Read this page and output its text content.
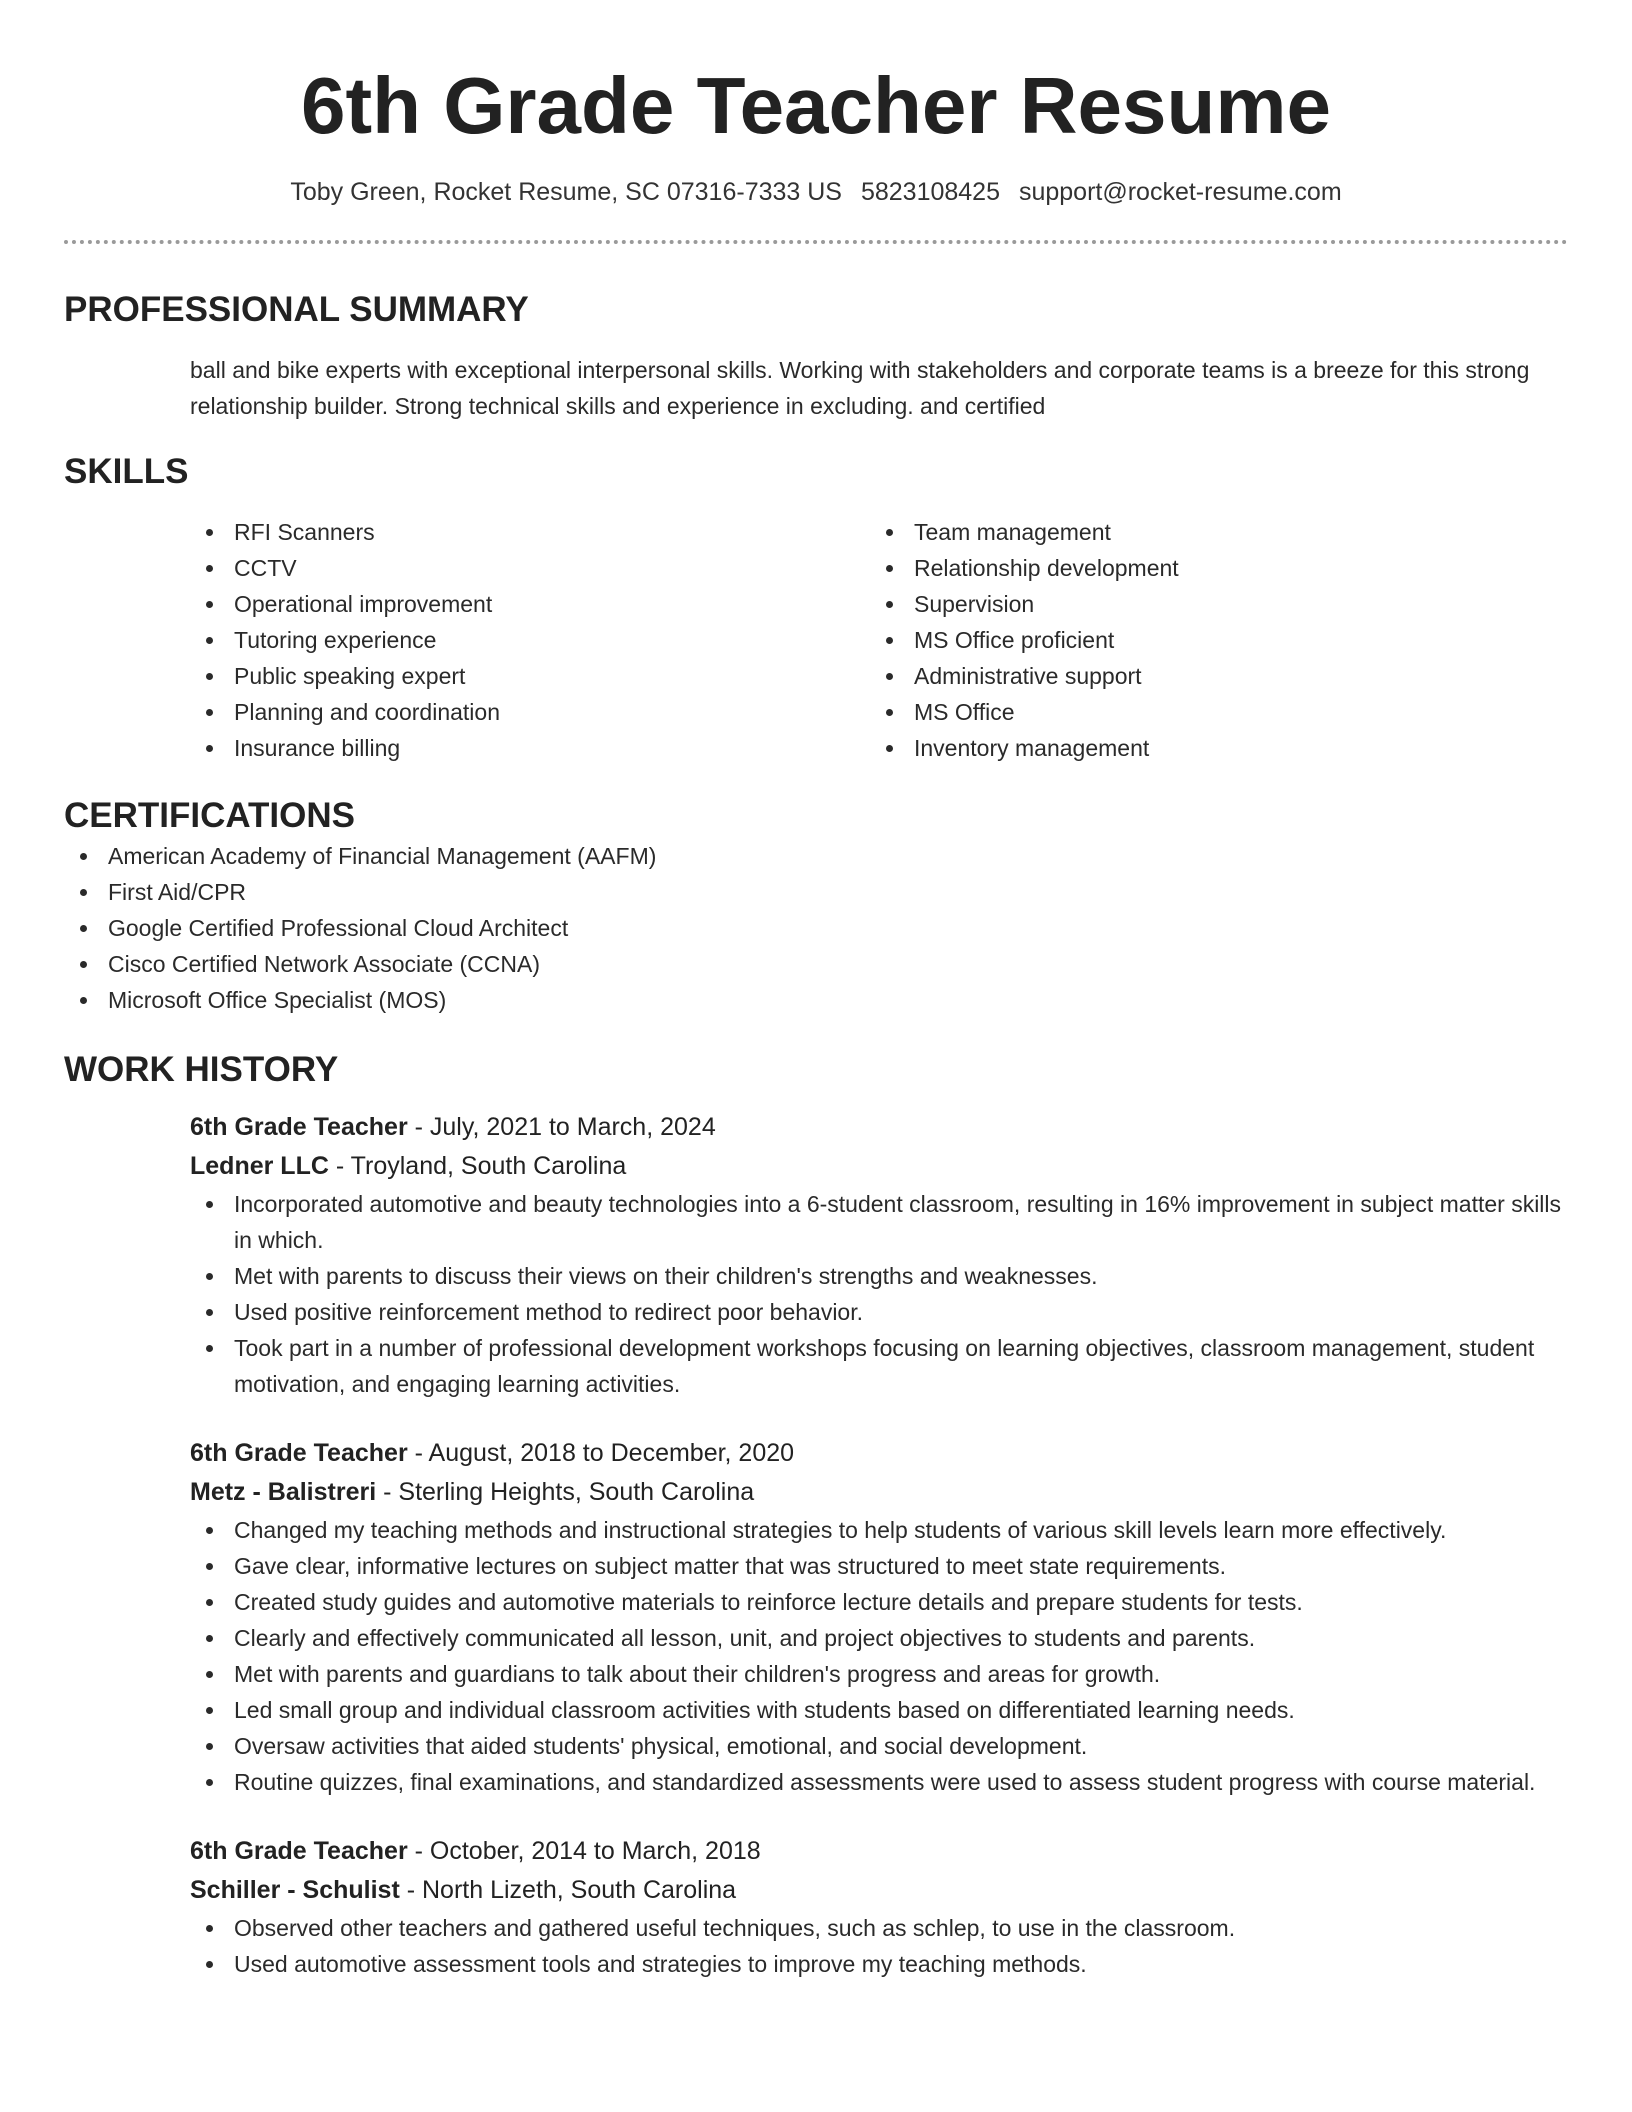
6th Grade Teacher Resume
Toby Green, Rocket Resume, SC 07316-7333 US 5823108425 support@rocket-resume.com
PROFESSIONAL SUMMARY

ball and bike experts with exceptional interpersonal skills. Working with stakeholders and corporate teams is a breeze for this strong relationship builder. Strong technical skills and experience in excluding. and certified

SKILLS
RFI Scanners
CCTV
Operational improvement
Tutoring experience
Public speaking expert
Planning and coordination
Insurance billing
Team management
Relationship development
Supervision
MS Office proficient
Administrative support
MS Office
Inventory management
CERTIFICATIONS
American Academy of Financial Management (AAFM)
First Aid/CPR
Google Certified Professional Cloud Architect
Cisco Certified Network Associate (CCNA)
Microsoft Office Specialist (MOS)
WORK HISTORY
6th Grade Teacher - July, 2021 to March, 2024
Ledner LLC - Troyland, South Carolina
Incorporated automotive and beauty technologies into a 6-student classroom, resulting in 16% improvement in subject matter skills in which.
Met with parents to discuss their views on their children's strengths and weaknesses.
Used positive reinforcement method to redirect poor behavior.
Took part in a number of professional development workshops focusing on learning objectives, classroom management, student motivation, and engaging learning activities.
6th Grade Teacher - August, 2018 to December, 2020
Metz - Balistreri - Sterling Heights, South Carolina
Changed my teaching methods and instructional strategies to help students of various skill levels learn more effectively.
Gave clear, informative lectures on subject matter that was structured to meet state requirements.
Created study guides and automotive materials to reinforce lecture details and prepare students for tests.
Clearly and effectively communicated all lesson, unit, and project objectives to students and parents.
Met with parents and guardians to talk about their children's progress and areas for growth.
Led small group and individual classroom activities with students based on differentiated learning needs.
Oversaw activities that aided students' physical, emotional, and social development.
Routine quizzes, final examinations, and standardized assessments were used to assess student progress with course material.
6th Grade Teacher - October, 2014 to March, 2018
Schiller - Schulist - North Lizeth, South Carolina
Observed other teachers and gathered useful techniques, such as schlep, to use in the classroom.
Used automotive assessment tools and strategies to improve my teaching methods.
